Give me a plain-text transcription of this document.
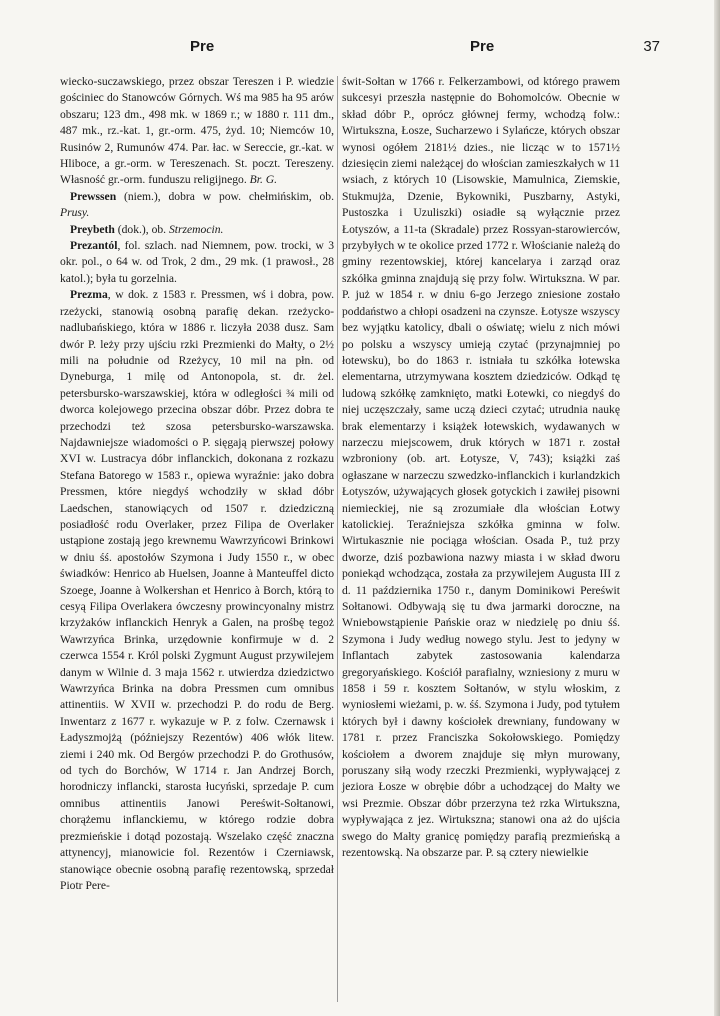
Pre	Pre	37

wiecko-suczawskiego, przez obszar Tereszen i P. wiedzie gościniec do Stanowców Górnych. Wś ma 985 ha 95 arów obszaru; 123 dm., 498 mk. w 1869 r.; w 1880 r. 111 dm., 487 mk., rz.-kat. 1, gr.-orm. 475, żyd. 10; Niemców 10, Rusinów 2, Rumunów 474. Par. łac. w Sereccie, gr.-kat. w Hliboce, a gr.-orm. w Tereszenach. St. poczt. Tereszeny. Własność gr.-orm. funduszu religijnego. Br. G.

Prewssen (niem.), dobra w pow. chełmińskim, ob. Prusy.

Preybeth (dok.), ob. Strzemocin.

Prezantól, fol. szlach. nad Niemnem, pow. trocki, w 3 okr. pol., o 64 w. od Trok, 2 dm., 29 mk. (1 prawosł., 28 katol.); była tu gorzelnia.

Prezma, w dok. z 1583 r. Pressmen, wś i dobra, pow. rzeżycki, stanowią osobną parafię dekan. rzeżycko-nadlubańskiego, która w 1886 r. liczyła 2038 dusz. Sam dwór P. leży przy ujściu rzki Prezmienki do Małty, o 2½ mili na południe od Rzeżycy, 10 mil na płn. od Dyneburga, 1 milę od Antonopola, st. dr. żel. petersbursko-warszawskiej, która w odległości ¾ mili od dworca kolejowego przecina obszar dóbr. Przez dobra te przechodzi też szosa petersbursko-warszawska. Najdawniejsze wiadomości o P. sięgają pierwszej połowy XVI w. Lustracya dóbr inflanckich, dokonana z rozkazu Stefana Batorego w 1583 r., opiewa wyraźnie: jako dobra Pressmen, które niegdyś wchodziły w skład dóbr Laedschen, stanowiących od 1507 r. dziedziczną posiadłość rodu Overlaker, przez Filipa de Overlaker ustąpione zostają jego krewnemu Wawrzyńcowi Brinkowi w dniu śś. apostołów Szymona i Judy 1550 r., w obec świadków: Henrico ab Huelsen, Joanne à Manteuffel dicto Szoege, Joanne à Wolkershan et Henrico à Borch, którą to cesyą Filipa Overlakera ówczesny prowincyonalny mistrz krzyżaków inflanckich Henryk a Galen, na prośbę tegoż Wawrzyńca Brinka, urzędownie konfirmuje w d. 2 czerwca 1554 r. Król polski Zygmunt August przywilejem danym w Wilnie d. 3 maja 1562 r. utwierdza dziedzictwo Wawrzyńca Brinka na dobra Pressmen cum omnibus attinentiis. W XVII w. przechodzi P. do rodu de Berg. Inwentarz z 1677 r. wykazuje w P. z folw. Czernawsk i Ładyszmojżą (późniejszy Rezentów) 406 włók litew. ziemi i 240 mk. Od Bergów przechodzi P. do Grothusów, od tych do Borchów, W 1714 r. Jan Andrzej Borch, horodniczy inflancki, starosta łucyński, sprzedaje P. cum omnibus attinentiis Janowi Pereświt-Sołtanowi, chorążemu inflanckiemu, w którego rodzie dobra prezmieńskie i dotąd pozostają. Wszelako część znaczna attynencyj, mianowicie fol. Rezentów i Czerniawsk, stanowiące obecnie osobną parafię rezentowską, sprzedał Piotr Pere-

świt-Sołtan w 1766 r. Felkerzambowi, od którego prawem sukcesyi przeszła następnie do Bohomolców. Obecnie w skład dóbr P., oprócz głównej fermy, wchodzą folw.: Wirtukszna, Łosze, Sucharzewo i Sylańcze, których obszar wynosi ogółem 2181½ dzies., nie licząc w to 1571½ dziesięcin ziemi należącej do włościan zamieszkałych w 11 wsiach, z których 10 (Lisowskie, Mamulnica, Ziemskie, Stukmujża, Dzenie, Bykowniki, Puszbarny, Astyki, Pustoszka i Uzuliszki) osiadłe są wyłącznie przez Łotyszów, a 11-ta (Skradale) przez Rossyan-starowierców, przybyłych w te okolice przed 1772 r. Włościanie należą do gminy rezentowskiej, której kancelarya i zarząd oraz szkółka gminna znajdują się przy folw. Wirtukszna. W par. P. już w 1854 r. w dniu 6-go Jerzego zniesione zostało poddaństwo a chłopi osadzeni na czynsze. Łotysze wszyscy bez wyjątku katolicy, dbali o oświatę; wielu z nich mówi po polsku a wszyscy umieją czytać (przynajmniej po łotewsku), bo do 1863 r. istniała tu szkółka łotewska elementarna, utrzymywana kosztem dziedziców. Odkąd tę ludową szkółkę zamknięto, matki Łotewki, co niegdyś do niej uczęszczały, same uczą dzieci czytać; utrudnia naukę brak elementarzy i książek łotewskich, wydawanych w narzeczu miejscowem, druk których w 1871 r. został wzbroniony (ob. art. Łotysze, V, 743); książki zaś ogłaszane w narzeczu szwedzko-inflanckich i kurlandzkich Łotyszów, używających głosek gotyckich i zawiłej pisowni niemieckiej, nie są zrozumiałe dla włościan Łotwy katolickiej. Teraźniejsza szkółka gminna w folw. Wirtukasznie nie pociąga włościan. Osada P., tuż przy dworze, dziś pozbawiona nazwy miasta i w skład dworu poniekąd wchodząca, została za przywilejem Augusta III z d. 11 października 1750 r., danym Dominikowi Pereświt Sołtanowi. Odbywają się tu dwa jarmarki doroczne, na Wniebowstąpienie Pańskie oraz w niedzielę po dniu śś. Szymona i Judy według nowego stylu. Jest to jedyny w Inflantach zabytek zastosowania kalendarza gregoryańskiego. Kościół parafialny, wzniesiony z muru w 1858 i 59 r. kosztem Sołtanów, w stylu włoskim, z wyniosłemi wieżami, p. w. śś. Szymona i Judy, pod tytułem których był i dawny kościołek drewniany, fundowany w 1781 r. przez Franciszka Sokołowskiego. Pomiędzy kościołem a dworem znajduje się młyn murowany, poruszany siłą wody rzeczki Prezmienki, wypływającej z jeziora Łosze w obrębie dóbr a uchodzącej do Małty we wsi Prezmie. Obszar dóbr przerzyna też rzka Wirtukszna, wypływająca z jez. Wirtukszna; stanowi ona aż do ujścia swego do Małty granicę pomiędzy parafią prezmieńską a rezentowską. Na obszarze par. P. są cztery niewielkie
